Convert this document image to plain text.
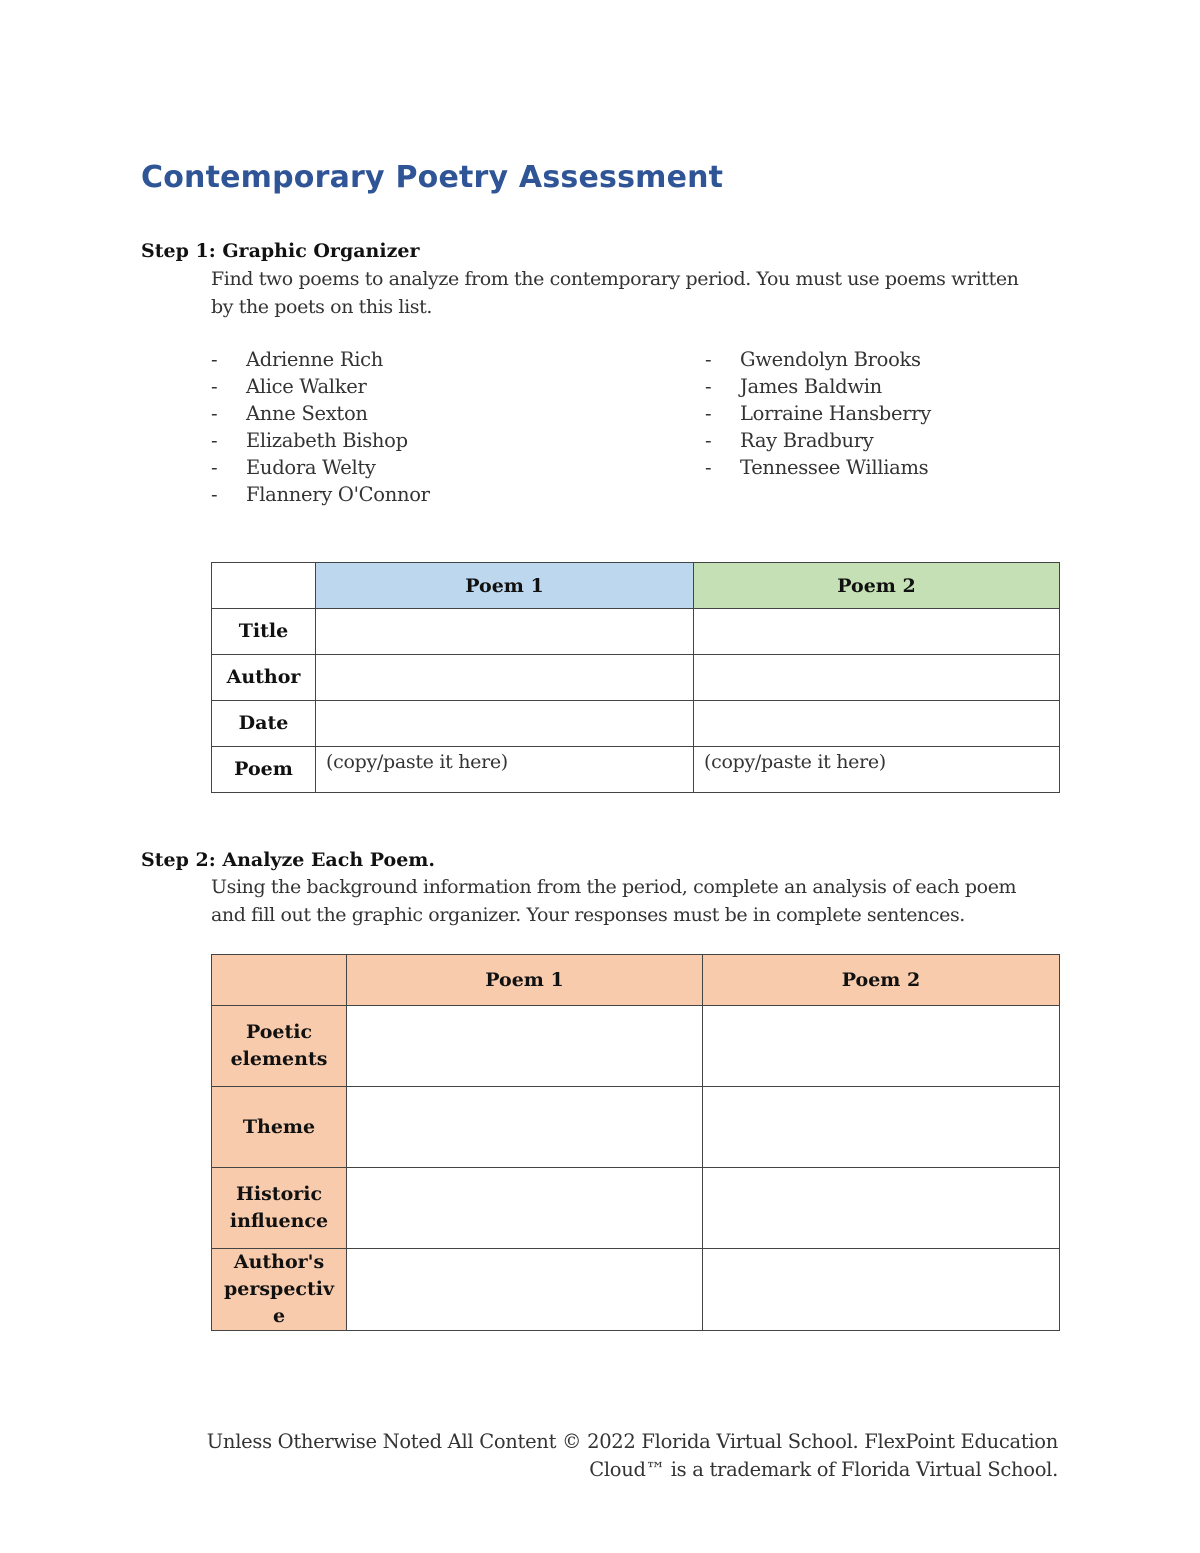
Contemporary Poetry Assessment
Step 1: Graphic Organizer

Find two poems to analyze from the contemporary period. You must use poems written

by the poets on this list.

- Adrienne Rich
- Alice Walker
- Anne Sexton
- Elizabeth Bishop
- Eudora Welty
- Flannery O'Connor
- Gwendolyn Brooks
- James Baldwin
- Lorraine Hansberry
- Ray Bradbury
- Tennessee Williams
	Poem 1	Poem 2
Title		
Author		
Date		
Poem	(copy/paste it here)	(copy/paste it here)
Step 2: Analyze Each Poem.

Using the background information from the period, complete an analysis of each poem

and fill out the graphic organizer. Your responses must be in complete sentences.

	Poem 1	Poem 2

Poetic
elements		

Theme		

Historic
influence		

Author's
perspectiv
e		

Unless Otherwise Noted All Content © 2022 Florida Virtual School. FlexPoint Education

Cloud™ is a trademark of Florida Virtual School.
